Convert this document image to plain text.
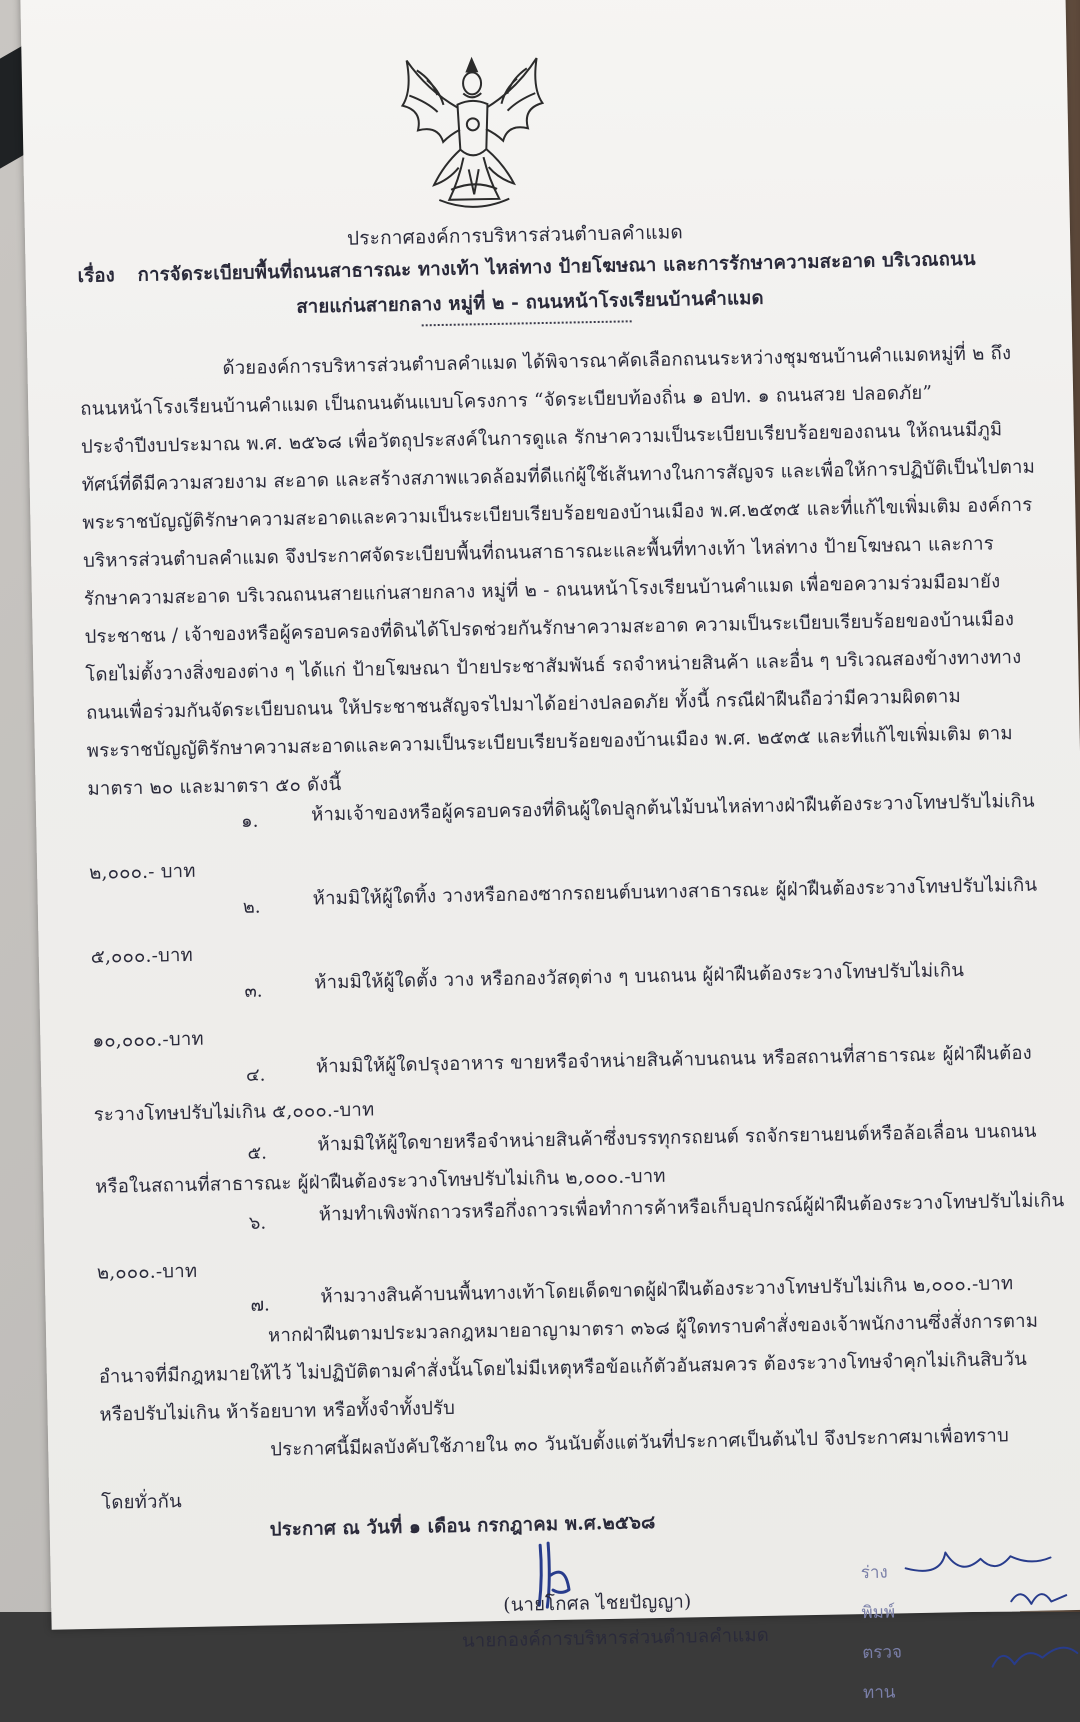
ประกาศองค์การบริหารส่วนตำบลคำแมด
เรื่อง การจัดระเบียบพื้นที่ถนนสาธารณะ ทางเท้า ไหล่ทาง ป้ายโฆษณา และการรักษาความสะอาด บริเวณถนน
สายแก่นสายกลาง หมู่ที่ ๒ - ถนนหน้าโรงเรียนบ้านคำแมด
ด้วยองค์การบริหารส่วนตำบลคำแมด ได้พิจารณาคัดเลือกถนนระหว่างชุมชนบ้านคำแมดหมู่ที่ ๒ ถึง
ถนนหน้าโรงเรียนบ้านคำแมด เป็นถนนต้นแบบโครงการ “จัดระเบียบท้องถิ่น ๑ อปท. ๑ ถนนสวย ปลอดภัย”
ประจำปีงบประมาณ พ.ศ. ๒๕๖๘ เพื่อวัตถุประสงค์ในการดูแล รักษาความเป็นระเบียบเรียบร้อยของถนน ให้ถนนมีภูมิ
ทัศน์ที่ดีมีความสวยงาม สะอาด และสร้างสภาพแวดล้อมที่ดีแก่ผู้ใช้เส้นทางในการสัญจร และเพื่อให้การปฏิบัติเป็นไปตาม
พระราชบัญญัติรักษาความสะอาดและความเป็นระเบียบเรียบร้อยของบ้านเมือง พ.ศ.๒๕๓๕ และที่แก้ไขเพิ่มเติม องค์การ
บริหารส่วนตำบลคำแมด จึงประกาศจัดระเบียบพื้นที่ถนนสาธารณะและพื้นที่ทางเท้า ไหล่ทาง ป้ายโฆษณา และการ
รักษาความสะอาด บริเวณถนนสายแก่นสายกลาง หมู่ที่ ๒ - ถนนหน้าโรงเรียนบ้านคำแมด เพื่อขอความร่วมมือมายัง
ประชาชน / เจ้าของหรือผู้ครอบครองที่ดินได้โปรดช่วยกันรักษาความสะอาด ความเป็นระเบียบเรียบร้อยของบ้านเมือง
โดยไม่ตั้งวางสิ่งของต่าง ๆ ได้แก่ ป้ายโฆษณา ป้ายประชาสัมพันธ์ รถจำหน่ายสินค้า และอื่น ๆ บริเวณสองข้างทางทาง
ถนนเพื่อร่วมกันจัดระเบียบถนน ให้ประชาชนสัญจรไปมาได้อย่างปลอดภัย ทั้งนี้ กรณีฝ่าฝืนถือว่ามีความผิดตาม
พระราชบัญญัติรักษาความสะอาดและความเป็นระเบียบเรียบร้อยของบ้านเมือง พ.ศ. ๒๕๓๕ และที่แก้ไขเพิ่มเติม ตาม
มาตรา ๒๐ และมาตรา ๕๐ ดังนี้
๑.	ห้ามเจ้าของหรือผู้ครอบครองที่ดินผู้ใดปลูกต้นไม้บนไหล่ทางฝ่าฝืนต้องระวางโทษปรับไม่เกิน
๒,๐๐๐.- บาท
๒.	ห้ามมิให้ผู้ใดทิ้ง วางหรือกองซากรถยนต์บนทางสาธารณะ ผู้ฝ่าฝืนต้องระวางโทษปรับไม่เกิน
๕,๐๐๐.-บาท
๓.	ห้ามมิให้ผู้ใดตั้ง วาง หรือกองวัสดุต่าง ๆ บนถนน ผู้ฝ่าฝืนต้องระวางโทษปรับไม่เกิน
๑๐,๐๐๐.-บาท
๔.	ห้ามมิให้ผู้ใดปรุงอาหาร ขายหรือจำหน่ายสินค้าบนถนน หรือสถานที่สาธารณะ ผู้ฝ่าฝืนต้อง
ระวางโทษปรับไม่เกิน ๕,๐๐๐.-บาท
๕.	ห้ามมิให้ผู้ใดขายหรือจำหน่ายสินค้าซึ่งบรรทุกรถยนต์ รถจักรยานยนต์หรือล้อเลื่อน บนถนน
หรือในสถานที่สาธารณะ ผู้ฝ่าฝืนต้องระวางโทษปรับไม่เกิน ๒,๐๐๐.-บาท
๖.	ห้ามทำเพิงพักถาวรหรือกึ่งถาวรเพื่อทำการค้าหรือเก็บอุปกรณ์ผู้ฝ่าฝืนต้องระวางโทษปรับไม่เกิน
๒,๐๐๐.-บาท
๗.	ห้ามวางสินค้าบนพื้นทางเท้าโดยเด็ดขาดผู้ฝ่าฝืนต้องระวางโทษปรับไม่เกิน ๒,๐๐๐.-บาท
หากฝ่าฝืนตามประมวลกฎหมายอาญามาตรา ๓๖๘ ผู้ใดทราบคำสั่งของเจ้าพนักงานซึ่งสั่งการตาม
อำนาจที่มีกฎหมายให้ไว้ ไม่ปฏิบัติตามคำสั่งนั้นโดยไม่มีเหตุหรือข้อแก้ตัวอันสมควร ต้องระวางโทษจำคุกไม่เกินสิบวัน
หรือปรับไม่เกิน ห้าร้อยบาท หรือทั้งจำทั้งปรับ
ประกาศนี้มีผลบังคับใช้ภายใน ๓๐ วันนับตั้งแต่วันที่ประกาศเป็นต้นไป จึงประกาศมาเพื่อทราบ
โดยทั่วกัน
ประกาศ ณ วันที่ ๑ เดือน กรกฎาคม พ.ศ.๒๕๖๘
(นายโกศล ไชยปัญญา)
นายกองค์การบริหารส่วนตำบลคำแมด
ร่าง
พิมพ์
ตรวจ
ทาน
